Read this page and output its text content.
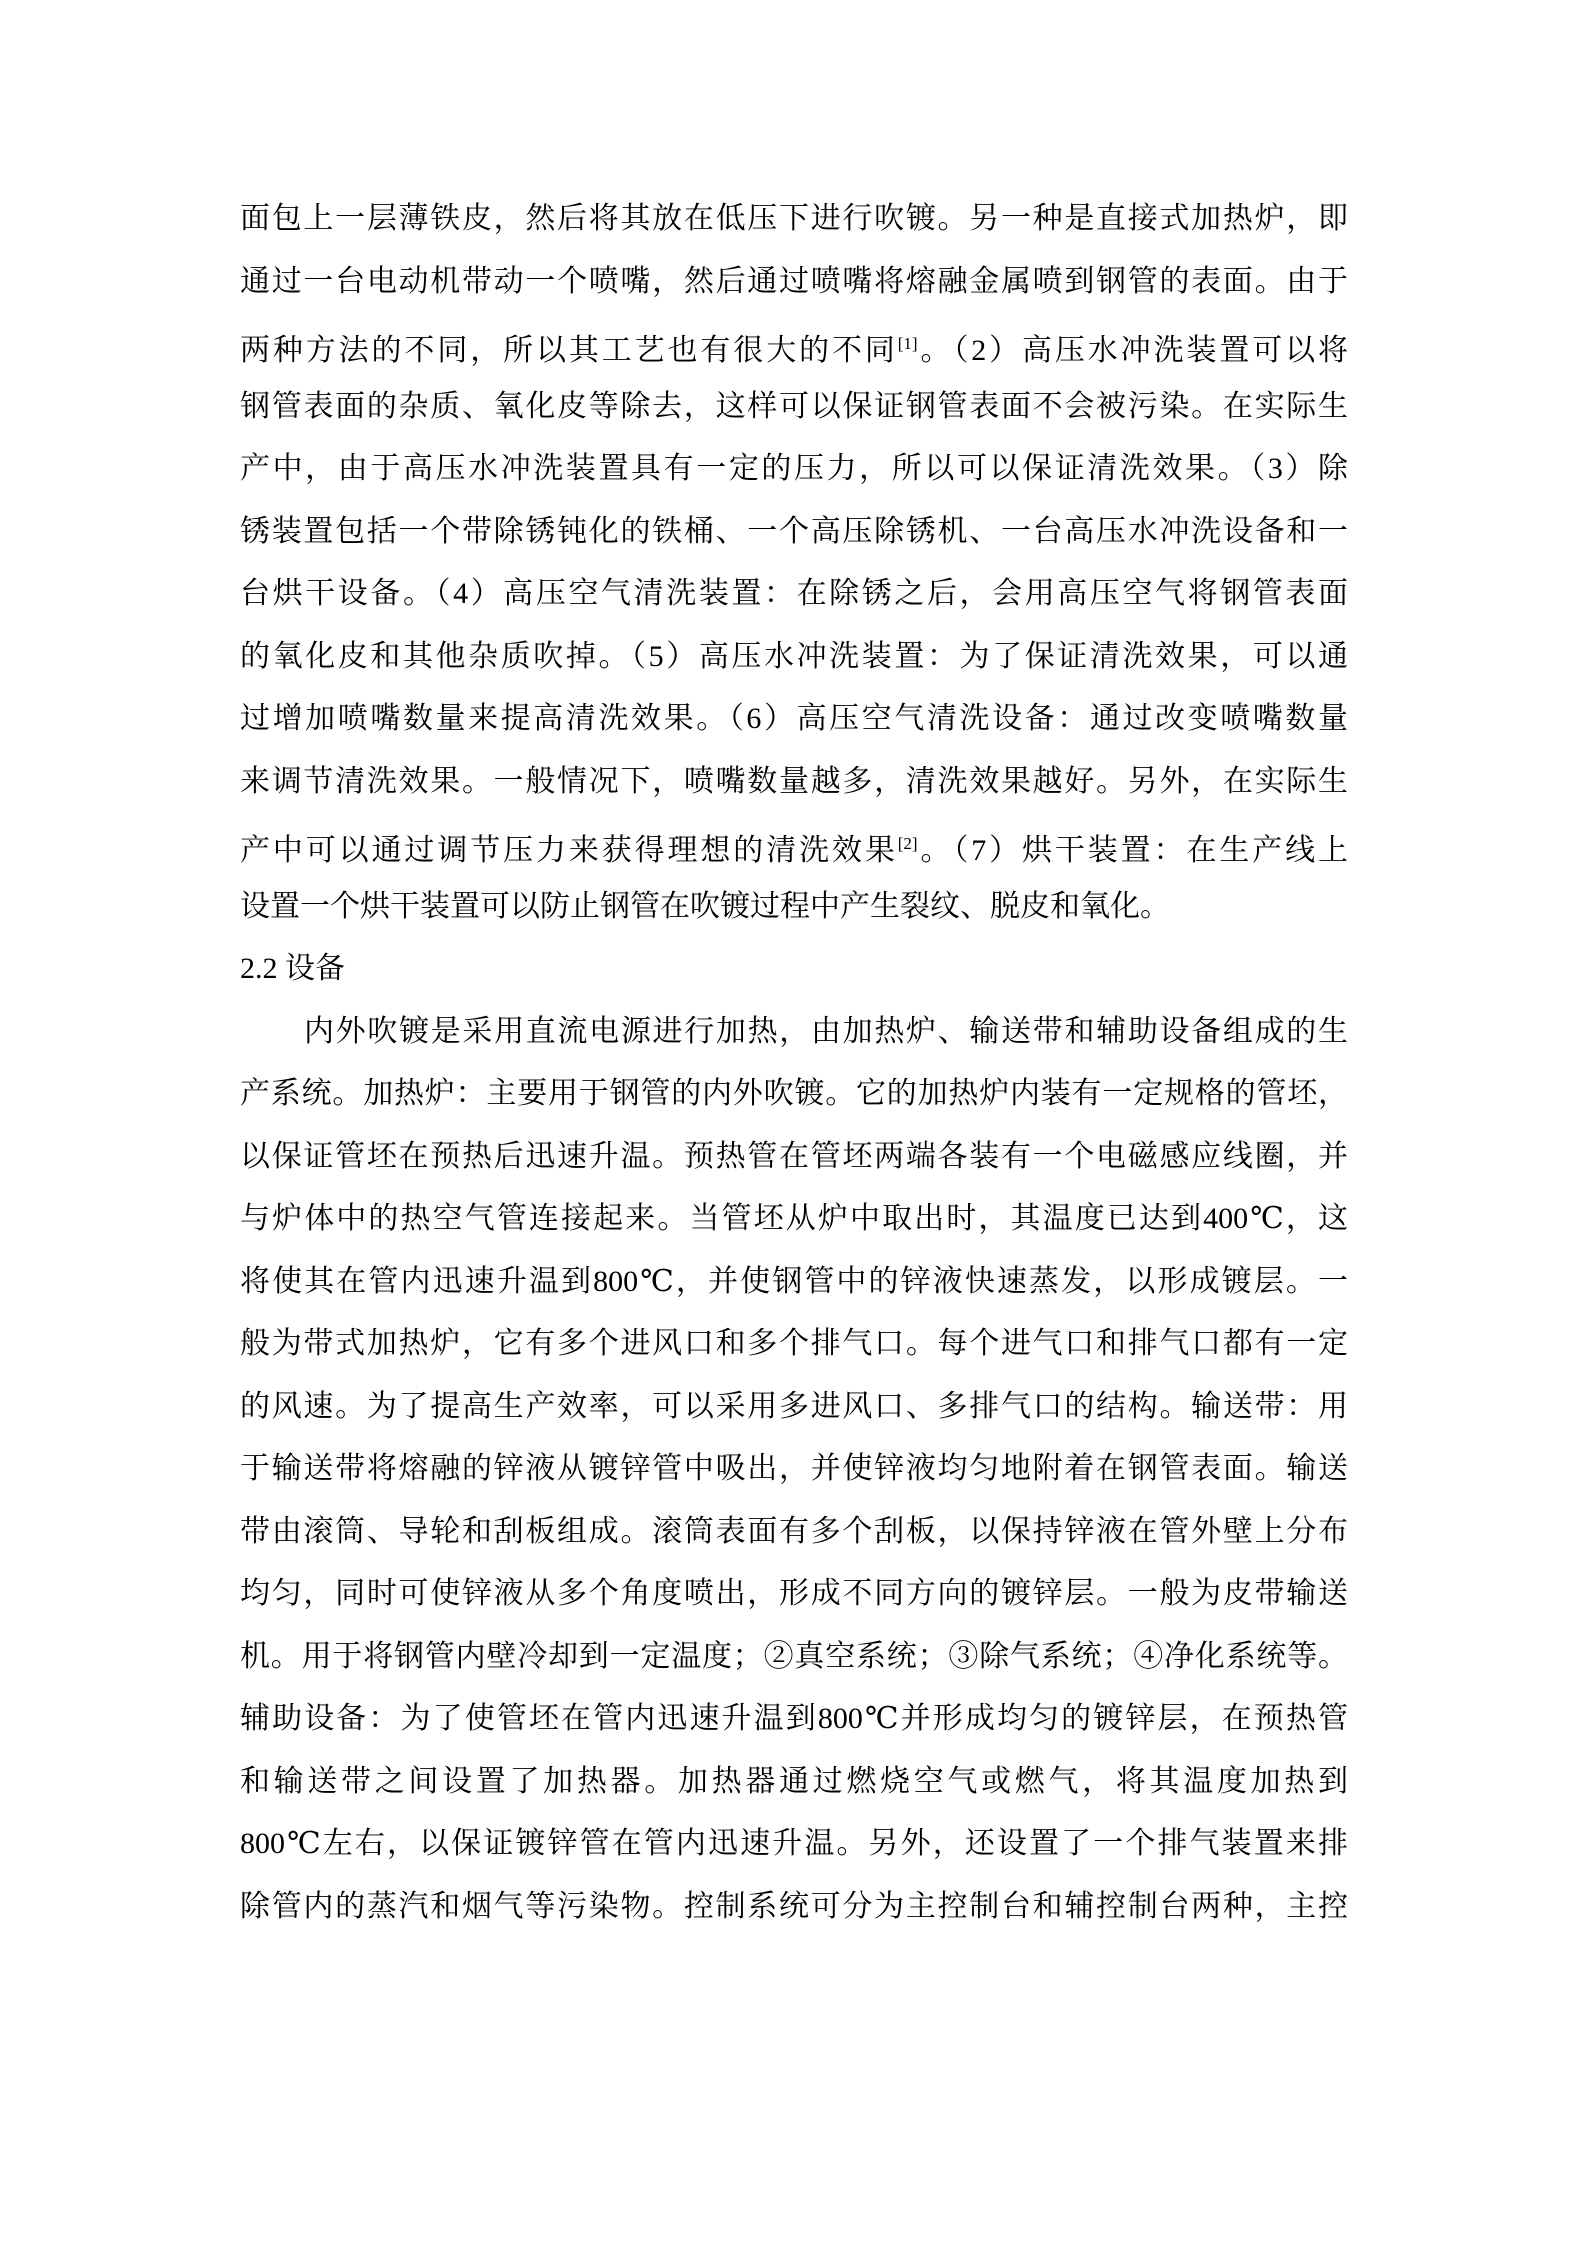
面包上一层薄铁皮，然后将其放在低压下进行吹镀。另一种是直接式加热炉，即
通过一台电动机带动一个喷嘴，然后通过喷嘴将熔融金属喷到钢管的表面。由于
两种方法的不同，所以其工艺也有很大的不同[1]。（2）高压水冲洗装置可以将
钢管表面的杂质、氧化皮等除去，这样可以保证钢管表面不会被污染。在实际生
产中，由于高压水冲洗装置具有一定的压力，所以可以保证清洗效果。（3）除
锈装置包括一个带除锈钝化的铁桶、一个高压除锈机、一台高压水冲洗设备和一
台烘干设备。（4）高压空气清洗装置：在除锈之后，会用高压空气将钢管表面
的氧化皮和其他杂质吹掉。（5）高压水冲洗装置：为了保证清洗效果，可以通
过增加喷嘴数量来提高清洗效果。（6）高压空气清洗设备：通过改变喷嘴数量
来调节清洗效果。一般情况下，喷嘴数量越多，清洗效果越好。另外，在实际生
产中可以通过调节压力来获得理想的清洗效果[2]。（7）烘干装置：在生产线上
设置一个烘干装置可以防止钢管在吹镀过程中产生裂纹、脱皮和氧化。
2.2 设备
内外吹镀是采用直流电源进行加热，由加热炉、输送带和辅助设备组成的生
产系统。加热炉：主要用于钢管的内外吹镀。它的加热炉内装有一定规格的管坯，
以保证管坯在预热后迅速升温。预热管在管坯两端各装有一个电磁感应线圈，并
与炉体中的热空气管连接起来。当管坯从炉中取出时，其温度已达到400℃，这
将使其在管内迅速升温到800℃，并使钢管中的锌液快速蒸发，以形成镀层。一
般为带式加热炉，它有多个进风口和多个排气口。每个进气口和排气口都有一定
的风速。为了提高生产效率，可以采用多进风口、多排气口的结构。输送带：用
于输送带将熔融的锌液从镀锌管中吸出，并使锌液均匀地附着在钢管表面。输送
带由滚筒、导轮和刮板组成。滚筒表面有多个刮板，以保持锌液在管外壁上分布
均匀，同时可使锌液从多个角度喷出，形成不同方向的镀锌层。一般为皮带输送
机。用于将钢管内壁冷却到一定温度；②真空系统；③除气系统；④净化系统等。
辅助设备：为了使管坯在管内迅速升温到800℃并形成均匀的镀锌层，在预热管
和输送带之间设置了加热器。加热器通过燃烧空气或燃气，将其温度加热到
800℃左右，以保证镀锌管在管内迅速升温。另外，还设置了一个排气装置来排
除管内的蒸汽和烟气等污染物。控制系统可分为主控制台和辅控制台两种，主控
